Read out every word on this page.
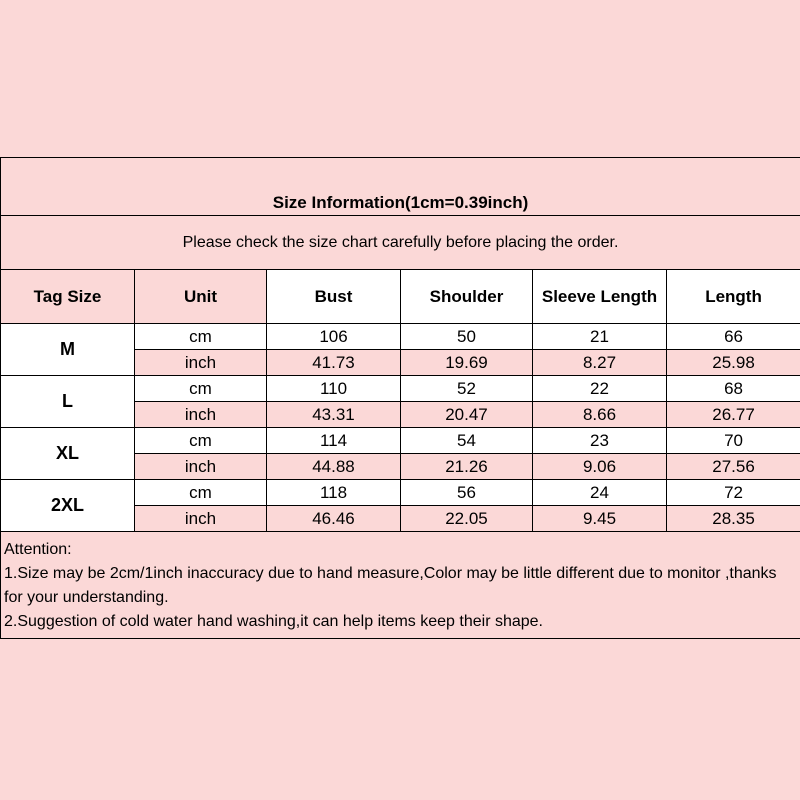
Size Information(1cm=0.39inch)					
Please check the size chart carefully before placing the order.					
Tag Size	Unit	Bust	Shoulder	Sleeve Length	Length
M	cm	106	50	21	66
	inch	41.73	19.69	8.27	25.98
L	cm	110	52	22	68
	inch	43.31	20.47	8.66	26.77
XL	cm	114	54	23	70
	inch	44.88	21.26	9.06	27.56
2XL	cm	118	56	24	72
	inch	46.46	22.05	9.45	28.35

Attention:
1.Size may be 2cm/1inch inaccuracy due to hand measure,Color may be little different due to monitor ,thanks for your understanding.
2.Suggestion of cold water hand washing,it can help items keep their shape.					
